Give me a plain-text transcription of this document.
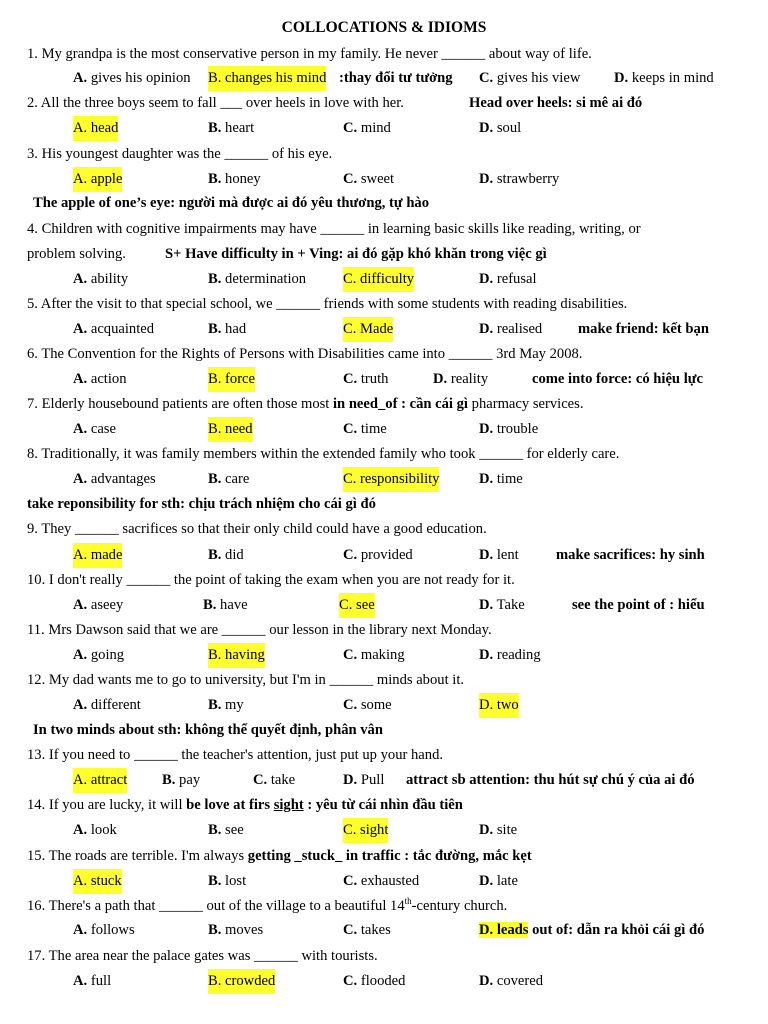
COLLOCATIONS & IDIOMS
1. My grandpa is the most conservative person in my family. He never ______ about way of life.
A. gives his opinion B. changes his mind :thay đổi tư tưởng C. gives his view D. keeps in mind
2. All the three boys seem to fall ___ over heels in love with her.	Head over heels: si mê ai đó
A. head	B. heart	C. mind	D. soul
3. His youngest daughter was the ______ of his eye.
A. apple	B. honey	C. sweet	D. strawberry
The apple of one’s eye: người mà được ai đó yêu thương, tự hào
4. Children with cognitive impairments may have ______ in learning basic skills like reading, writing, or
problem solving.	S+ Have difficulty in + Ving: ai đó gặp khó khăn trong việc gì
A. ability	B. determination	C. difficulty	D. refusal
5. After the visit to that special school, we ______ friends with some students with reading disabilities.
A. acquainted	B. had	C. Made	D. realised make friend: kết bạn
6. The Convention for the Rights of Persons with Disabilities came into ______ 3rd May 2008.
A. action	B. force	C. truth	D. reality	come into force: có hiệu lực
7. Elderly housebound patients are often those most in need_of : cần cái gì pharmacy services.
A. case	B. need	C. time	D. trouble
8. Traditionally, it was family members within the extended family who took ______ for elderly care.
A. advantages	B. care	C. responsibility	D. time
take reponsibility for sth: chịu trách nhiệm cho cái gì đó
9. They ______ sacrifices so that their only child could have a good education.
A. made	B. did	C. provided	D. lent	make sacrifices: hy sinh
10. I don't really ______ the point of taking the exam when you are not ready for it.
A. aseey	B. have	C. see	D. Take	see the point of : hiểu
11. Mrs Dawson said that we are ______ our lesson in the library next Monday.
A. going	B. having	C. making	D. reading
12. My dad wants me to go to university, but I'm in ______ minds about it.
A. different	B. my	C. some	D. two
In two minds about sth: không thể quyết định, phân vân
13. If you need to ______ the teacher's attention, just put up your hand.
A. attract B. pay	C. take	D. Pull attract sb attention: thu hút sự chú ý của ai đó
14. If you are lucky, it will be love at firs sight : yêu từ cái nhìn đầu tiên
A. look	B. see	C. sight	D. site
15. The roads are terrible. I'm always getting _stuck_ in traffic : tắc đường, mắc kẹt
A. stuck	B. lost	C. exhausted	D. late
16. There's a path that ______ out of the village to a beautiful 14th-century church.
A. follows	B. moves	C. takes	D. leads out of: dẫn ra khỏi cái gì đó
17. The area near the palace gates was ______ with tourists.
A. full	B. crowded	C. flooded	D. covered
